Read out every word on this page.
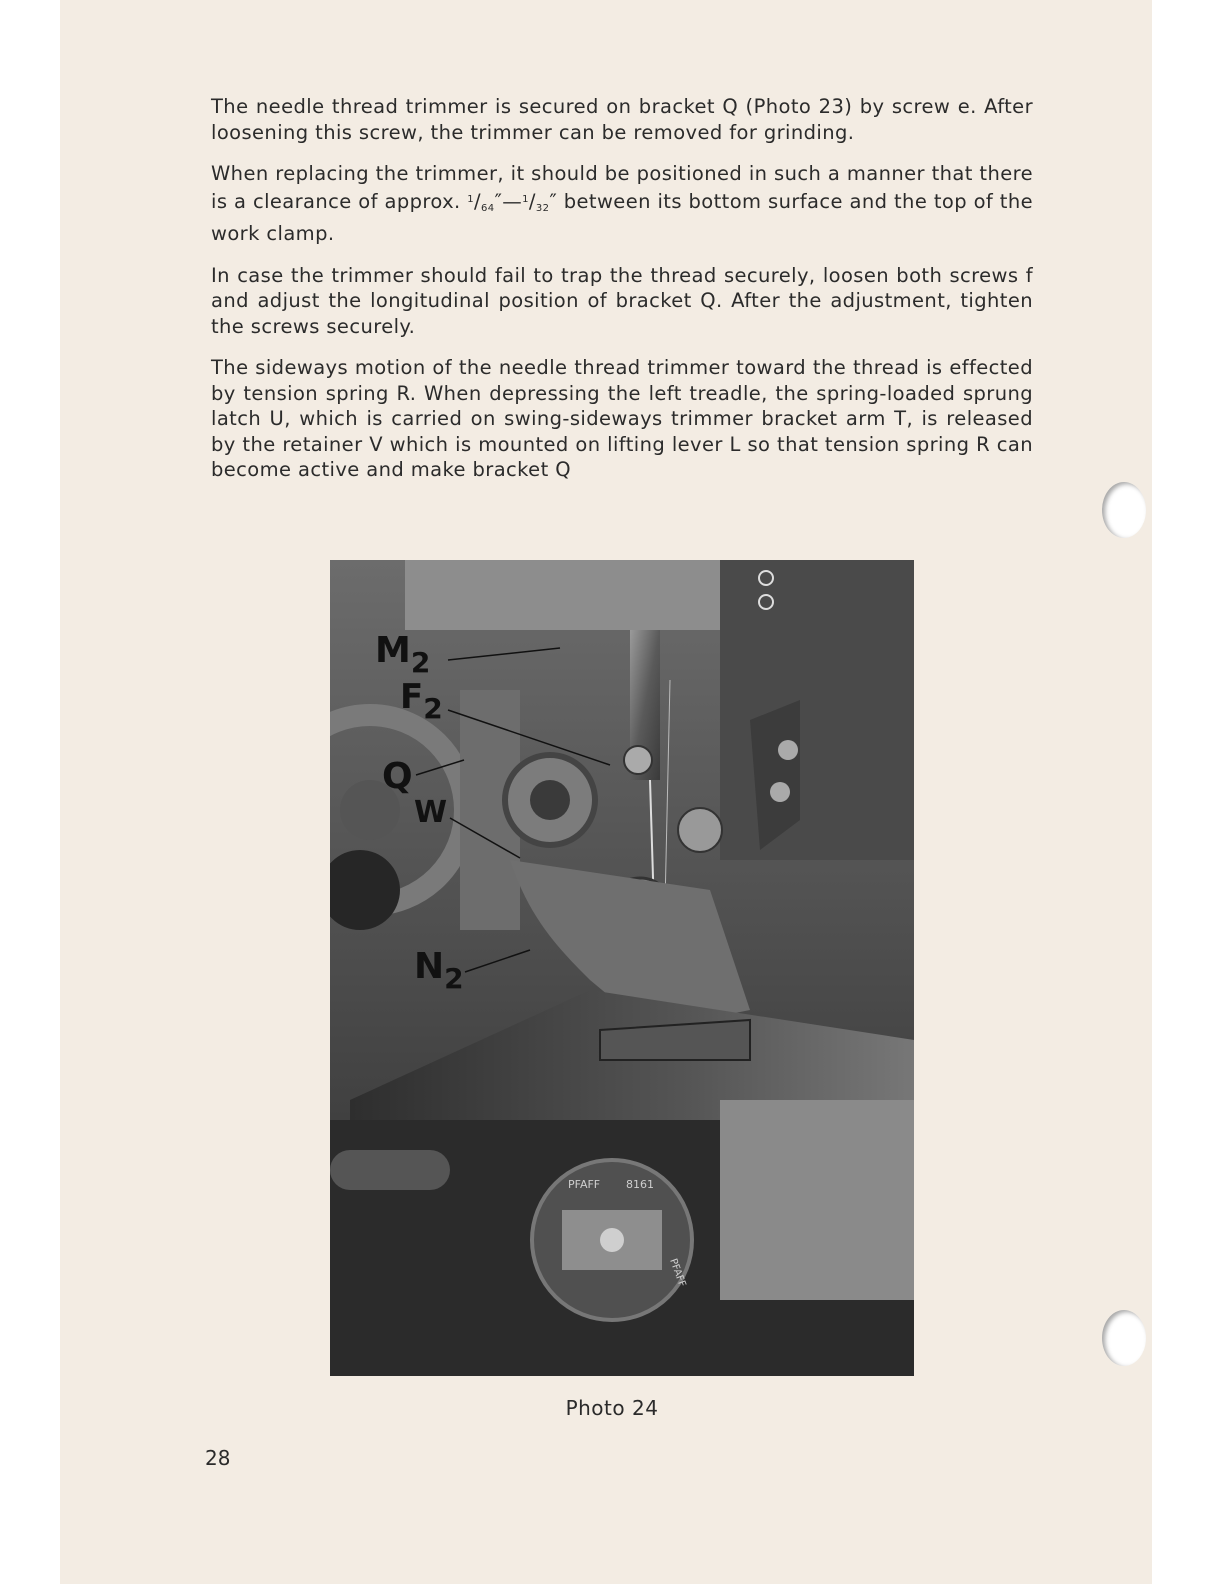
The needle thread trimmer is secured on bracket Q (Photo 23) by screw e. After loosening this screw, the trimmer can be removed for grinding.

When replacing the trimmer, it should be positioned in such a manner that there is a clearance of approx. $^1/_{64}''—^1/_{32}''$ between its bottom surface and the top of the work clamp.

In case the trimmer should fail to trap the thread securely, loosen both screws f and adjust the longitudinal position of bracket Q. After the adjustment, tighten the screws securely.

The sideways motion of the needle thread trimmer toward the thread is effected by tension spring R. When depressing the left treadle, the spring-loaded sprung latch U, which is carried on swing-sideways trimmer bracket arm T, is released by the retainer V which is mounted on lifting lever L so that tension spring R can become active and make bracket Q

PFAFF 8161
PFAFF
$M_2$
$F_2$
Q
W
$N_2$
Photo 24
28
